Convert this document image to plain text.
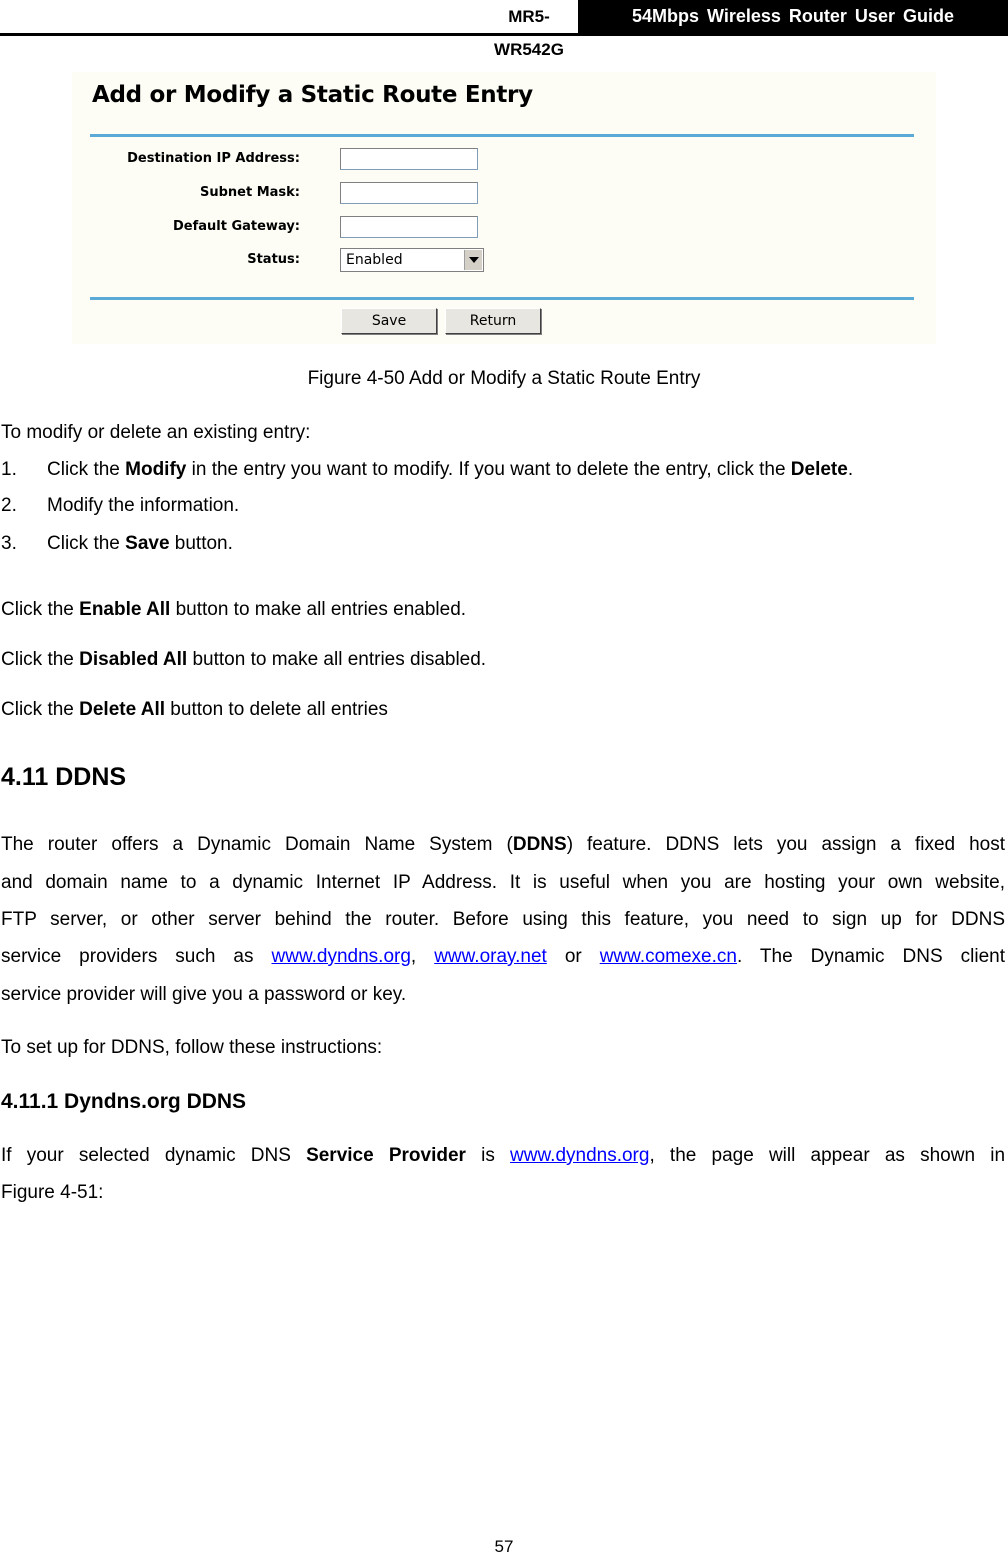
MR5-WR542G
54Mbps Wireless Router User Guide
Add or Modify a Static Route Entry
Destination IP Address:
Subnet Mask:
Default Gateway:
Status:	Enabled
Save	Return
Figure 4-50 Add or Modify a Static Route Entry
To modify or delete an existing entry:
1. Click the Modify in the entry you want to modify. If you want to delete the entry, click the Delete.
2. Modify the information.
3. Click the Save button.
Click the Enable All button to make all entries enabled.
Click the Disabled All button to make all entries disabled.
Click the Delete All button to delete all entries
4.11 DDNS
The router offers a Dynamic Domain Name System (DDNS) feature. DDNS lets you assign a fixed host
and domain name to a dynamic Internet IP Address. It is useful when you are hosting your own website,
FTP server, or other server behind the router. Before using this feature, you need to sign up for DDNS
service providers such as www.dyndns.org, www.oray.net or www.comexe.cn. The Dynamic DNS client
service provider will give you a password or key.
To set up for DDNS, follow these instructions:
4.11.1 Dyndns.org DDNS
If your selected dynamic DNS Service Provider is www.dyndns.org, the page will appear as shown in
Figure 4-51:
57
